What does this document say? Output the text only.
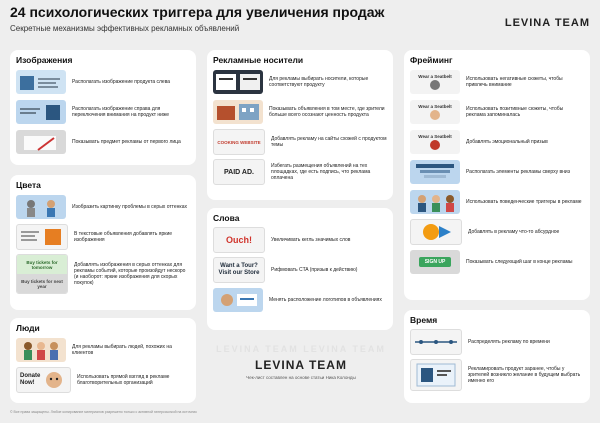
24 психологических триггера для увеличения продаж
Секретные механизмы эффективных рекламных объявлений	LEVINA TEAM
Изображения
Располагать изображение продукта слева
Располагать изображение справа для переключения внимания на продукт ниже
Показывать предмет рекламы от первого лица
Цвета
Изобразить картинку проблемы в серых оттенках
В текстовые объявления добавлять яркие изображения
Buy tickets for tomorrow
Buy tickets for next year
Добавлять изображения в серых оттенках для рекламы событий, которые произойдут нескоро (и наоборот: яркие изображения для скорых покупок)
Люди
Для рекламы выбирать людей, похожих на клиентов
Donate Now!
Использовать прямой взгляд в рекламе благотворительных организаций
Рекламные носители
Для рекламы выбирать носители, которые соответствуют продукту
Показывать объявления в том месте, где зрители больше всего осознают ценность продукта
COOKING WEBSITE Добавлять рекламу на сайты схожей с продуктом темы
PAID AD.
Избегать размещения объявлений на тех площадках, где есть подпись, что реклама оплачена
Слова
Ouch!	Увеличивать кегль значимых слов
Want a Tour? Visit our Store	Рифмовать CTA (призыв к действию)
Менять расположение логотипов в объявлениях
LEVINA TEAM LEVINA TEAM
LEVINA TEAM
Чек-лист составлен на основе статьи Ника Колонды
Фрейминг
Wear a Seatbelt	Использовать негативные сюжеты, чтобы привлечь внимание
Wear a Seatbelt	Использовать позитивные сюжеты, чтобы реклама запоминалась
Wear a Seatbelt
Добавлять эмоциональный призыв
Располагать элементы рекламы сверху вниз
Использовать поведенческие триггеры в рекламе
Добавлять в рекламу что-то абсурдное
SIGN UP	Показывать следующий шаг в конце рекламы
Время
Распределять рекламу по времени
Рекламировать продукт заранее, чтобы у зрителей возникло желание в будущем выбрать именно его
© Все права защищены. Любое копирование материалов разрешено только с активной гиперссылкой на источник
